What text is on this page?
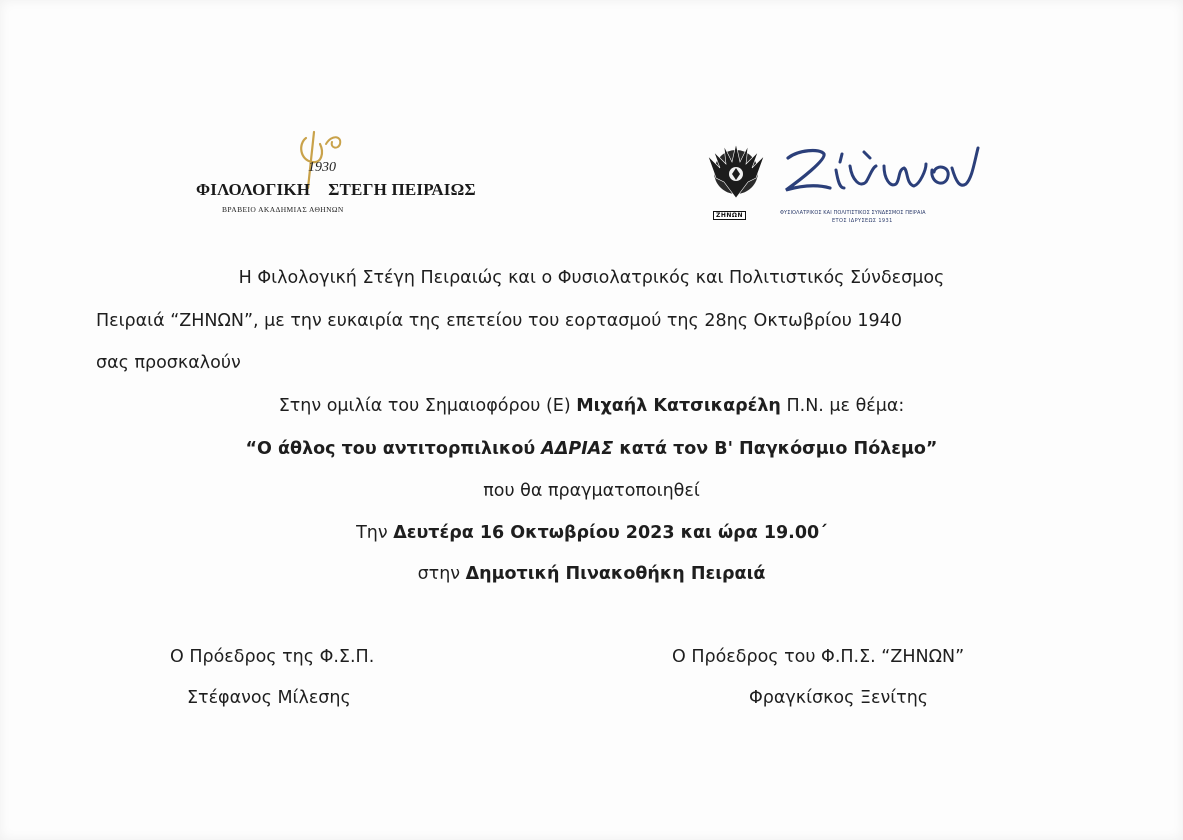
1930
ΦΙΛΟΛΟΓΙΚΗ ΣΤΕΓΗ ΠΕΙΡΑΙΩΣ
ΒΡΑΒΕΙΟ ΑΚΑΔΗΜΙΑΣ ΑΘΗΝΩΝ
ΖΗΝΩΝ	ΦΥΣΙΟΛΑΤΡΙΚΟΣ ΚΑΙ ΠΟΛΙΤΙΣΤΙΚΟΣ ΣΥΝΔΕΣΜΟΣ ΠΕΙΡΑΙΑ
ΕΤΟΣ ΙΔΡΥΣΕΩΣ 1931
Η Φιλολογική Στέγη Πειραιώς και ο Φυσιολατρικός και Πολιτιστικός Σύνδεσμος
Πειραιά “ΖΗΝΩΝ”, με την ευκαιρία της επετείου του εορτασμού της 28ης Οκτωβρίου 1940
σας προσκαλούν
Στην ομιλία του Σημαιοφόρου (Ε) Μιχαήλ Κατσικαρέλη Π.Ν. με θέμα:
“Ο άθλος του αντιτορπιλικού ΑΔΡΙΑΣ κατά τον Β' Παγκόσμιο Πόλεμο”
που θα πραγματοποιηθεί
Την Δευτέρα 16 Οκτωβρίου 2023 και ώρα 19.00΄
στην Δημοτική Πινακοθήκη Πειραιά
Ο Πρόεδρος της Φ.Σ.Π.
Στέφανος Μίλεσης
Ο Πρόεδρος του Φ.Π.Σ. “ΖΗΝΩΝ”
Φραγκίσκος Ξενίτης
